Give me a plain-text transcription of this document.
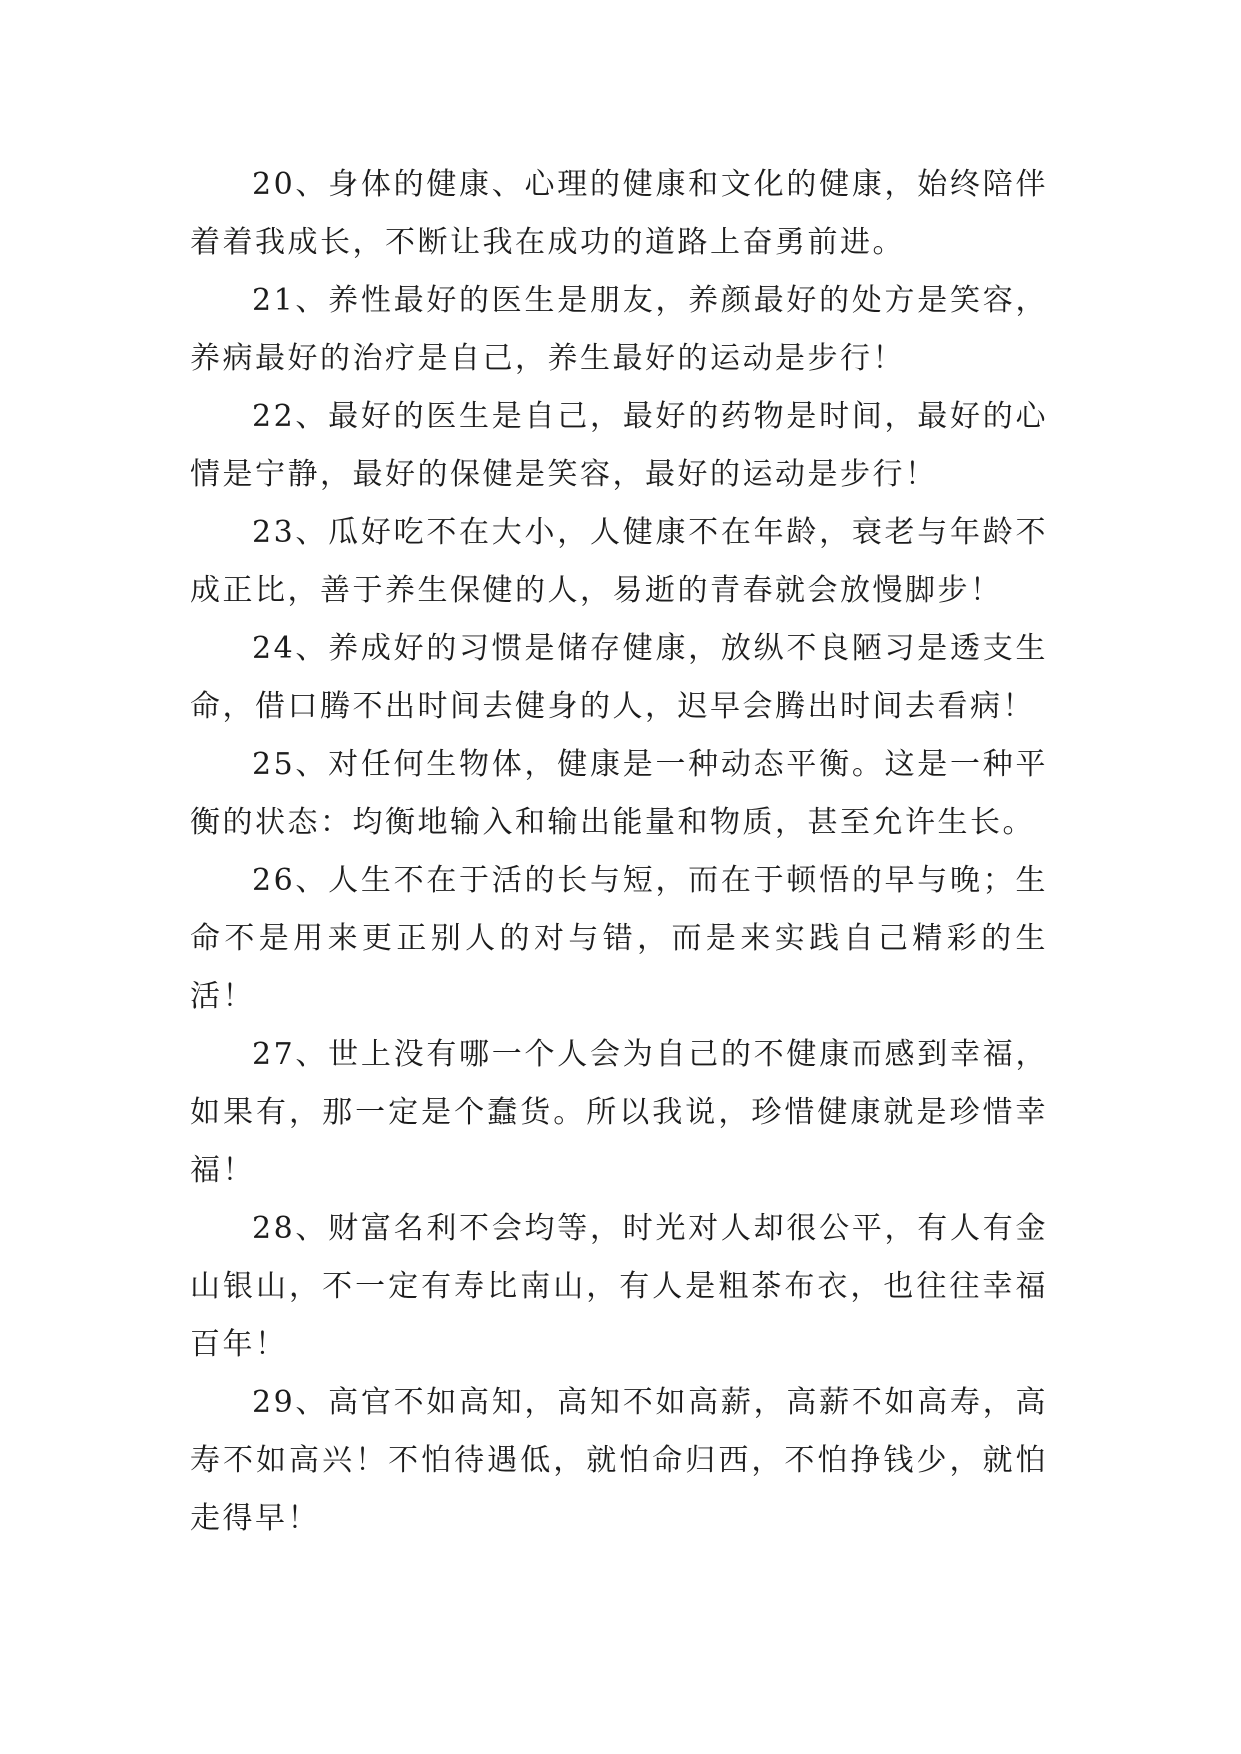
20、身体的健康、心理的健康和文化的健康，始终陪伴
着着我成长，不断让我在成功的道路上奋勇前进。
21、养性最好的医生是朋友，养颜最好的处方是笑容，
养病最好的治疗是自己，养生最好的运动是步行！
22、最好的医生是自己，最好的药物是时间，最好的心
情是宁静，最好的保健是笑容，最好的运动是步行！
23、瓜好吃不在大小，人健康不在年龄，衰老与年龄不
成正比，善于养生保健的人，易逝的青春就会放慢脚步！
24、养成好的习惯是储存健康，放纵不良陋习是透支生
命，借口腾不出时间去健身的人，迟早会腾出时间去看病！
25、对任何生物体，健康是一种动态平衡。这是一种平
衡的状态：均衡地输入和输出能量和物质，甚至允许生长。
26、人生不在于活的长与短，而在于顿悟的早与晚；生
命不是用来更正别人的对与错，而是来实践自己精彩的生
活！
27、世上没有哪一个人会为自己的不健康而感到幸福，
如果有，那一定是个蠢货。所以我说，珍惜健康就是珍惜幸
福！
28、财富名利不会均等，时光对人却很公平，有人有金
山银山，不一定有寿比南山，有人是粗茶布衣，也往往幸福
百年！
29、高官不如高知，高知不如高薪，高薪不如高寿，高
寿不如高兴！不怕待遇低，就怕命归西，不怕挣钱少，就怕
走得早！
